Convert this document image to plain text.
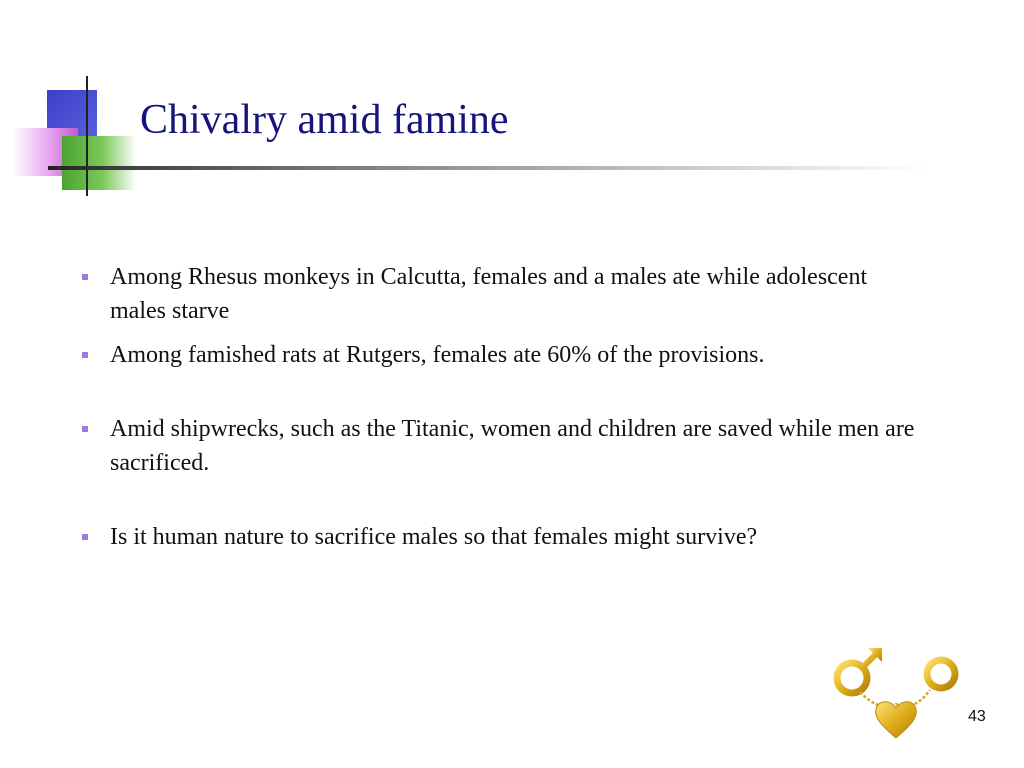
Chivalry amid famine
Among Rhesus monkeys in Calcutta, females and a males ate while adolescent males starve
Among famished rats at Rutgers, females ate 60% of the provisions.
Amid shipwrecks, such as the Titanic, women and children are saved while men are sacrificed.
Is it human nature to sacrifice males so that females might survive?
43
